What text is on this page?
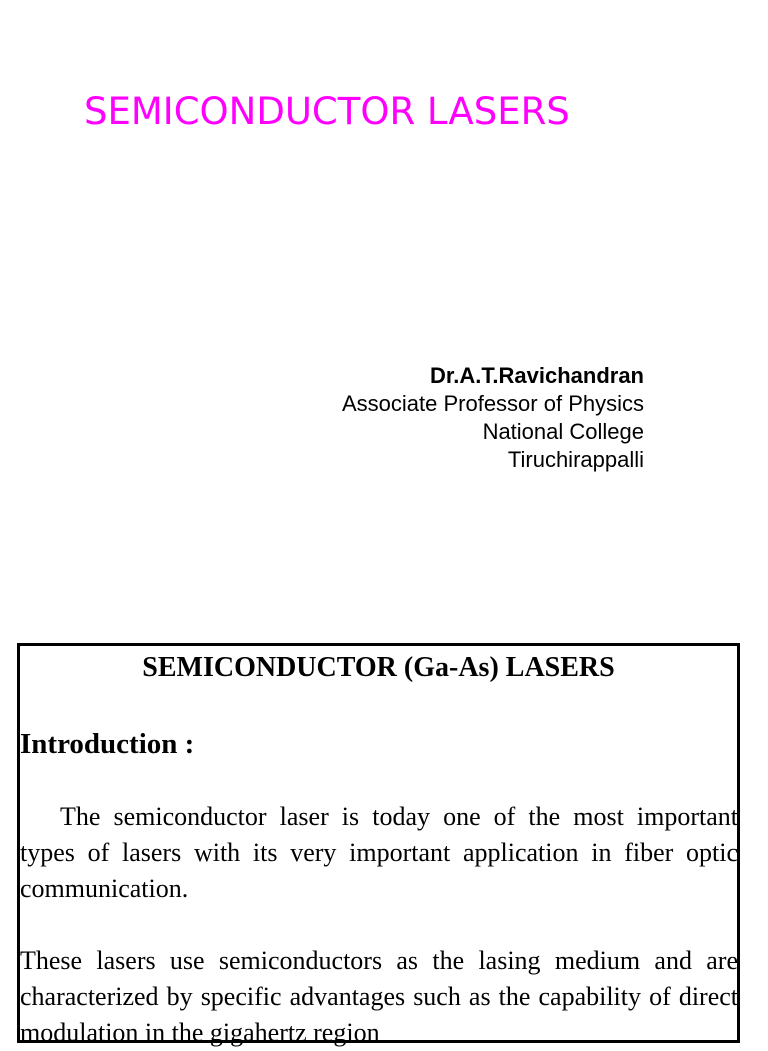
SEMICONDUCTOR LASERS
Dr.A.T.Ravichandran
Associate Professor of Physics
National College
Tiruchirappalli
SEMICONDUCTOR (Ga-As) LASERS
Introduction :
The semiconductor laser is today one of the most important types of lasers with its very important application in fiber optic communication.
These lasers use semiconductors as the lasing medium and are characterized by specific advantages such as the capability of direct modulation in the gigahertz region
